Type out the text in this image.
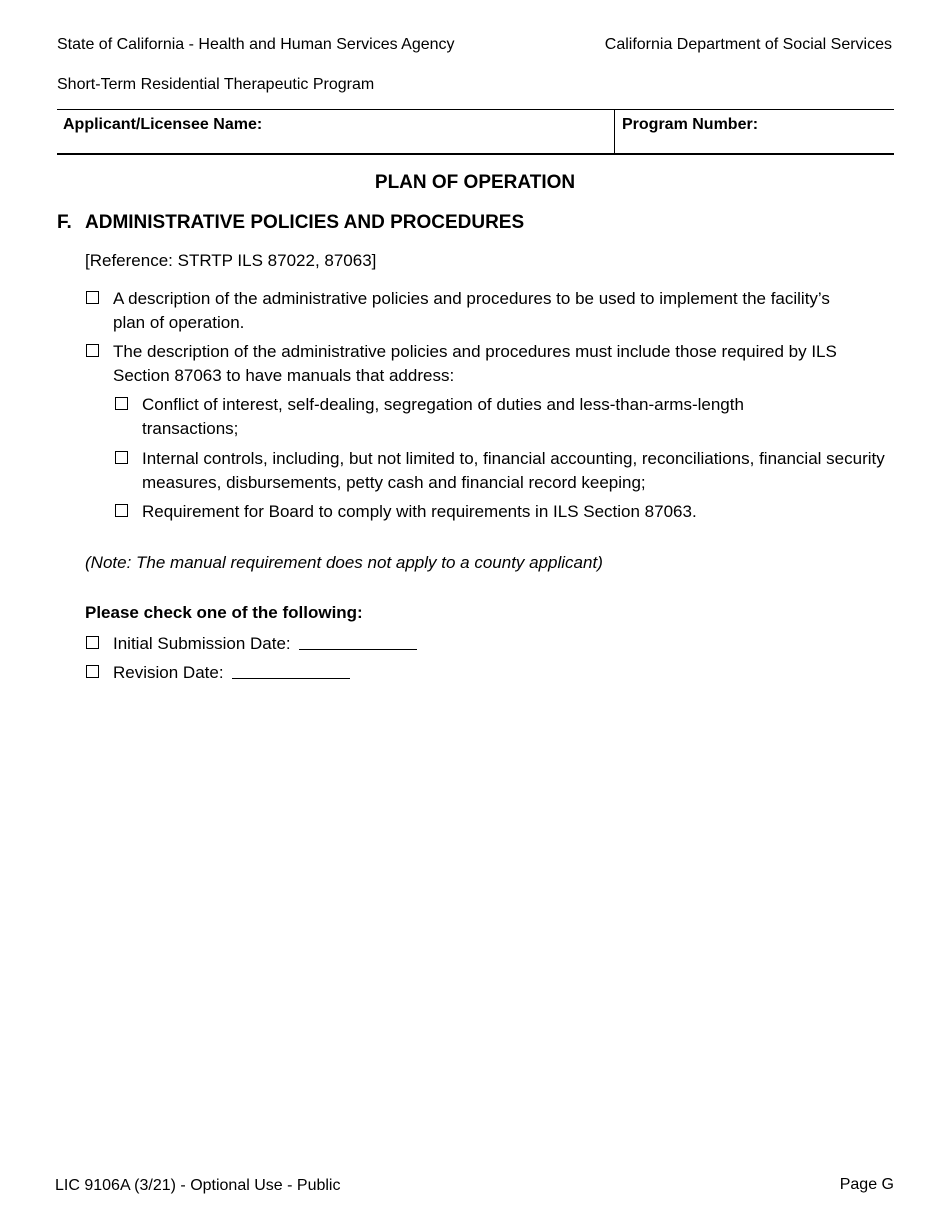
State of California - Health and Human Services Agency	California Department of Social Services
Short-Term Residential Therapeutic Program
Applicant/Licensee Name:	Program Number:
PLAN OF OPERATION
F. ADMINISTRATIVE POLICIES AND PROCEDURES
[Reference: STRTP ILS 87022, 87063]
A description of the administrative policies and procedures to be used to implement the facility’s plan of operation.
The description of the administrative policies and procedures must include those required by ILS Section 87063 to have manuals that address:
Conflict of interest, self-dealing, segregation of duties and less-than-arms-length transactions;
Internal controls, including, but not limited to, financial accounting, reconciliations, financial security measures, disbursements, petty cash and financial record keeping;
Requirement for Board to comply with requirements in ILS Section 87063.
(Note: The manual requirement does not apply to a county applicant)
Please check one of the following:
Initial Submission Date:
Revision Date:
LIC 9106A (3/21) - Optional Use - Public	Page G
